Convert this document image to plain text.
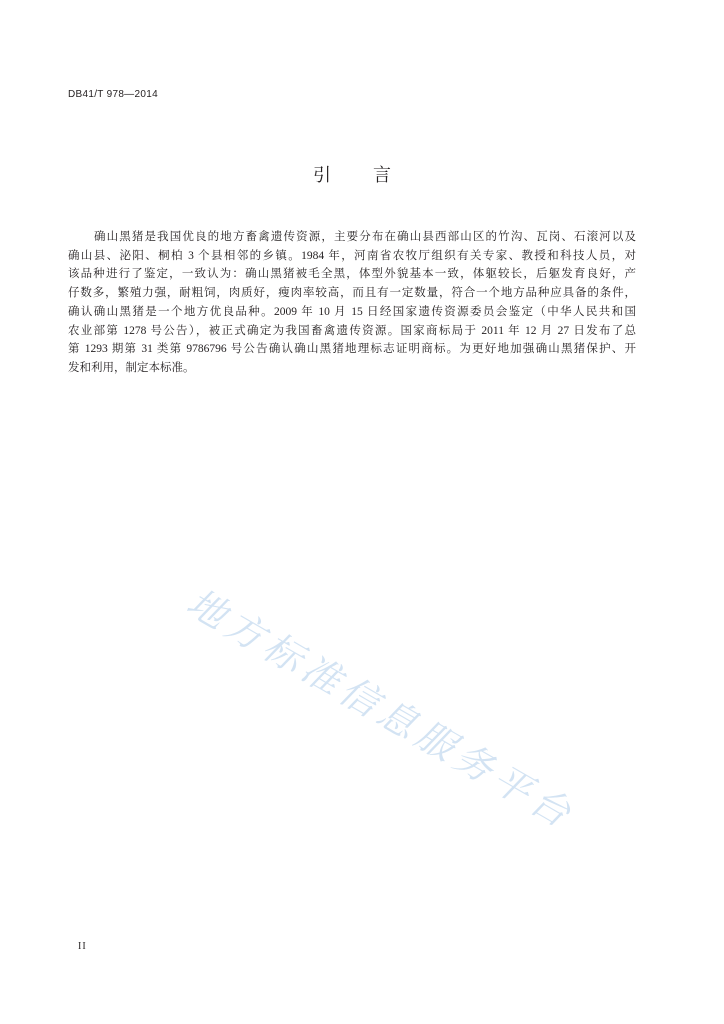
DB41/T 978—2014
引　言
确山黑猪是我国优良的地方畜禽遗传资源，主要分布在确山县西部山区的竹沟、瓦岗、石滚河以及
确山县、泌阳、桐柏 3 个县相邻的乡镇。1984 年，河南省农牧厅组织有关专家、教授和科技人员，对
该品种进行了鉴定，一致认为：确山黑猪被毛全黑，体型外貌基本一致，体躯较长，后躯发育良好，产
仔数多，繁殖力强，耐粗饲，肉质好，瘦肉率较高，而且有一定数量，符合一个地方品种应具备的条件，
确认确山黑猪是一个地方优良品种。2009 年 10 月 15 日经国家遗传资源委员会鉴定（中华人民共和国
农业部第 1278 号公告），被正式确定为我国畜禽遗传资源。国家商标局于 2011 年 12 月 27 日发布了总
第 1293 期第 31 类第 9786796 号公告确认确山黑猪地理标志证明商标。为更好地加强确山黑猪保护、开
发和利用，制定本标准。
地方标准信息服务平台
II
